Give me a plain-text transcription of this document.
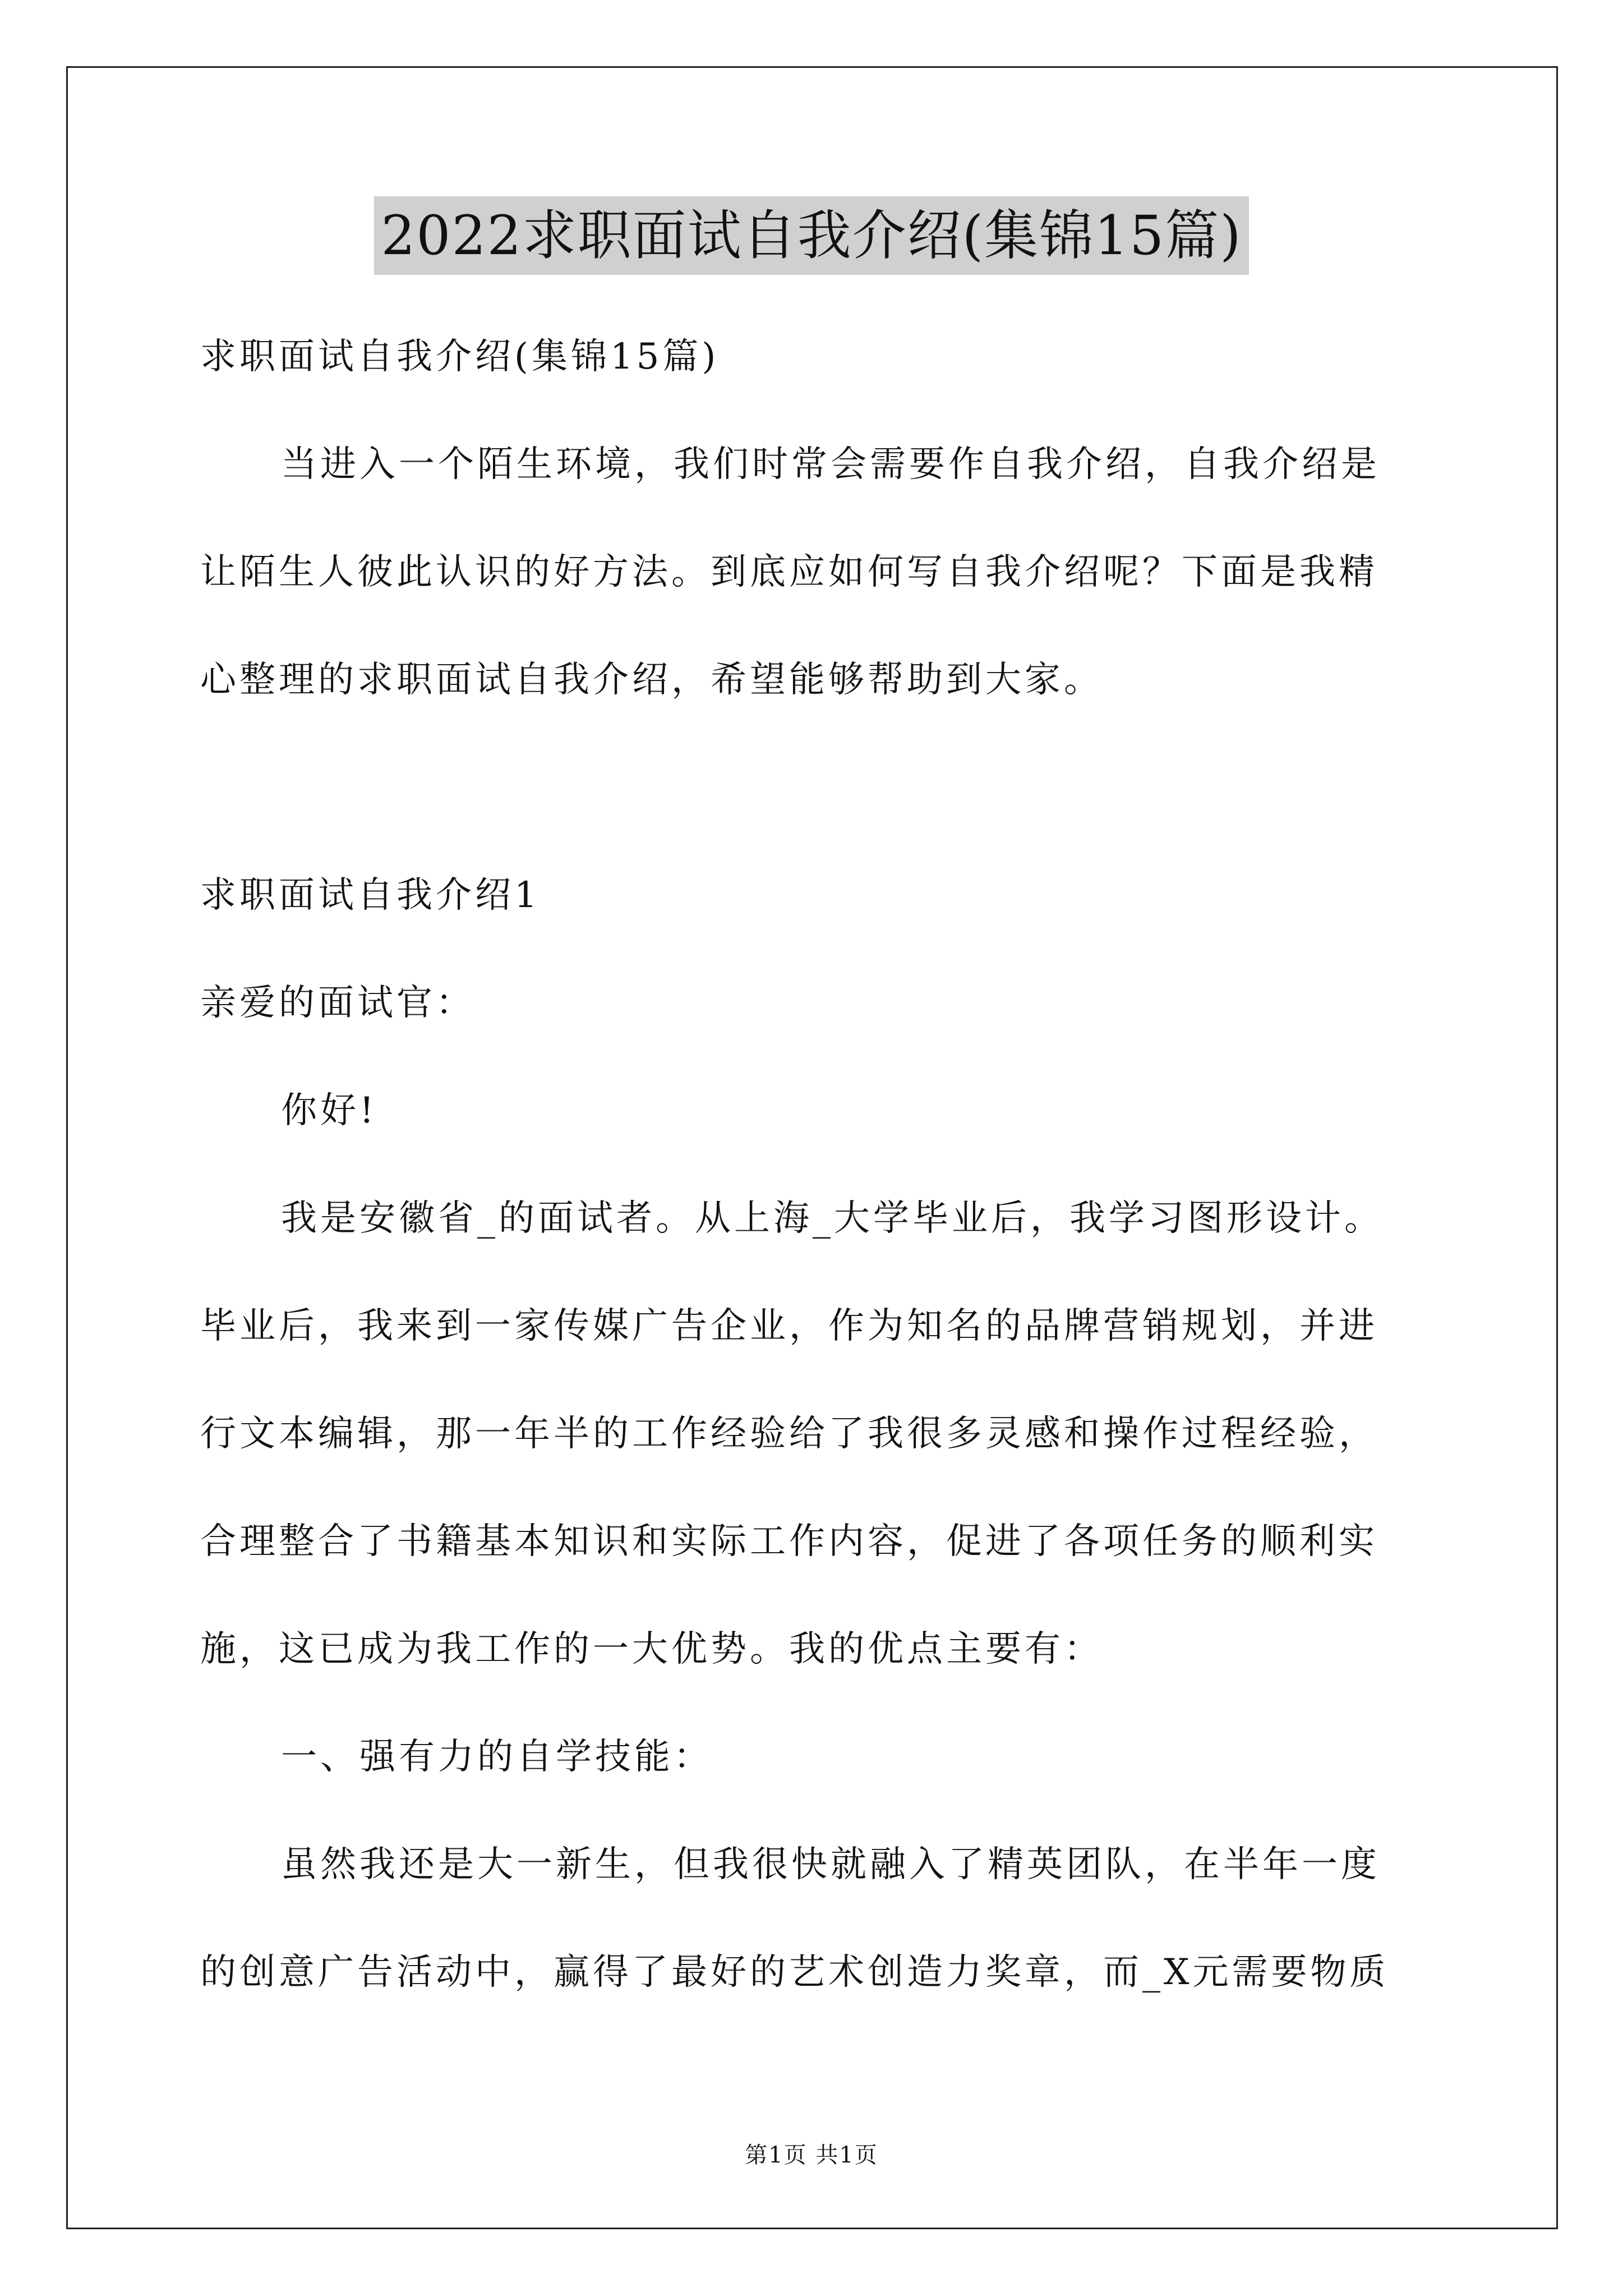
2022求职面试自我介绍(集锦15篇)
求职面试自我介绍(集锦15篇)
当进入一个陌生环境，我们时常会需要作自我介绍，自我介绍是
让陌生人彼此认识的好方法。到底应如何写自我介绍呢？下面是我精
心整理的求职面试自我介绍，希望能够帮助到大家。
求职面试自我介绍1
亲爱的面试官：
你好!
我是安徽省_的面试者。从上海_大学毕业后，我学习图形设计。
毕业后，我来到一家传媒广告企业，作为知名的品牌营销规划，并进
行文本编辑，那一年半的工作经验给了我很多灵感和操作过程经验，
合理整合了书籍基本知识和实际工作内容，促进了各项任务的顺利实
施，这已成为我工作的一大优势。我的优点主要有：
一、强有力的自学技能：
虽然我还是大一新生，但我很快就融入了精英团队，在半年一度
的创意广告活动中，赢得了最好的艺术创造力奖章，而_X元需要物质
第1页 共1页
